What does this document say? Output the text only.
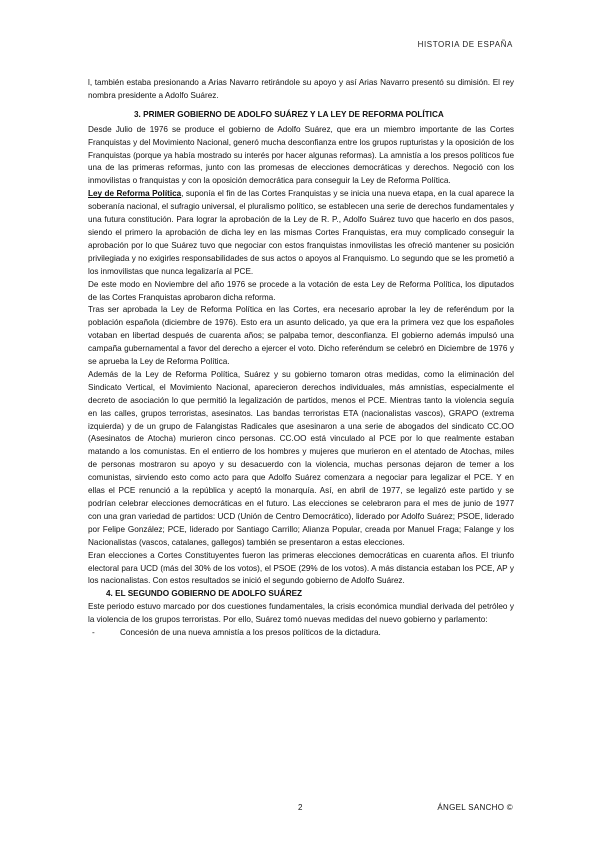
HISTORIA DE ESPAÑA

l, también estaba presionando a Arias Navarro retirándole su apoyo y así Arias Navarro presentó su dimisión. El rey nombra presidente a Adolfo Suárez.

3. PRIMER GOBIERNO DE ADOLFO SUÁREZ Y LA LEY DE REFORMA POLÍTICA

Desde Julio de 1976 se produce el gobierno de Adolfo Suárez, que era un miembro importante de las Cortes Franquistas y del Movimiento Nacional, generó mucha desconfianza entre los grupos rupturistas y la oposición de los Franquistas (porque ya había mostrado su interés por hacer algunas reformas). La amnistía a los presos políticos fue una de las primeras reformas, junto con las promesas de elecciones democráticas y derechos. Negoció con los inmovilistas o franquistas y con la oposición democrática para conseguir la Ley de Reforma Política.

Ley de Reforma Política, suponía el fin de las Cortes Franquistas y se inicia una nueva etapa, en la cual aparece la soberanía nacional, el sufragio universal, el pluralismo político, se establecen una serie de derechos fundamentales y una futura constitución. Para lograr la aprobación de la Ley de R. P., Adolfo Suárez tuvo que hacerlo en dos pasos, siendo el primero la aprobación de dicha ley en las mismas Cortes Franquistas, era muy complicado conseguir la aprobación por lo que Suárez tuvo que negociar con estos franquistas inmovilistas les ofreció mantener su posición privilegiada y no exigirles responsabilidades de sus actos o apoyos al Franquismo. Lo segundo que se les prometió a los inmovilistas que nunca legalizaría al PCE.

De este modo en Noviembre del año 1976 se procede a la votación de esta Ley de Reforma Política, los diputados de las Cortes Franquistas aprobaron dicha reforma.

Tras ser aprobada la Ley de Reforma Política en las Cortes, era necesario aprobar la ley de referéndum por la población española (diciembre de 1976). Esto era un asunto delicado, ya que era la primera vez que los españoles votaban en libertad después de cuarenta años; se palpaba temor, desconfianza. El gobierno además impulsó una campaña gubernamental a favor del derecho a ejercer el voto. Dicho referéndum se celebró en Diciembre de 1976 y se aprueba la Ley de Reforma Política.

Además de la Ley de Reforma Política, Suárez y su gobierno tomaron otras medidas, como la eliminación del Sindicato Vertical, el Movimiento Nacional, aparecieron derechos individuales, más amnistías, especialmente el decreto de asociación lo que permitió la legalización de partidos, menos el PCE. Mientras tanto la violencia seguía en las calles, grupos terroristas, asesinatos. Las bandas terroristas ETA (nacionalistas vascos), GRAPO (extrema izquierda) y de un grupo de Falangistas Radicales que asesinaron a una serie de abogados del sindicato CC.OO (Asesinatos de Atocha) murieron cinco personas. CC.OO está vinculado al PCE por lo que realmente estaban matando a los comunistas. En el entierro de los hombres y mujeres que murieron en el atentado de Atochas, miles de personas mostraron su apoyo y su desacuerdo con la violencia, muchas personas dejaron de temer a los comunistas, sirviendo esto como acto para que Adolfo Suárez comenzara a negociar para legalizar el PCE. Y en ellas el PCE renunció a la república y aceptó la monarquía. Así, en abril de 1977, se legalizó este partido y se podrían celebrar elecciones democráticas en el futuro. Las elecciones se celebraron para el mes de junio de 1977 con una gran variedad de partidos: UCD (Unión de Centro Democrático), liderado por Adolfo Suárez; PSOE, liderado por Felipe González; PCE, liderado por Santiago Carrillo; Alianza Popular, creada por Manuel Fraga; Falange y los Nacionalistas (vascos, catalanes, gallegos) también se presentaron a estas elecciones.

Eran elecciones a Cortes Constituyentes fueron las primeras elecciones democráticas en cuarenta años. El triunfo electoral para UCD (más del 30% de los votos), el PSOE (29% de los votos). A más distancia estaban los PCE, AP y los nacionalistas. Con estos resultados se inició el segundo gobierno de Adolfo Suárez.

4. EL SEGUNDO GOBIERNO DE ADOLFO SUÁREZ

Este periodo estuvo marcado por dos cuestiones fundamentales, la crisis económica mundial derivada del petróleo y la violencia de los grupos terroristas. Por ello, Suárez tomó nuevas medidas del nuevo gobierno y parlamento:

-	Concesión de una nueva amnistía a los presos políticos de la dictadura.
2	ÁNGEL SANCHO ©
